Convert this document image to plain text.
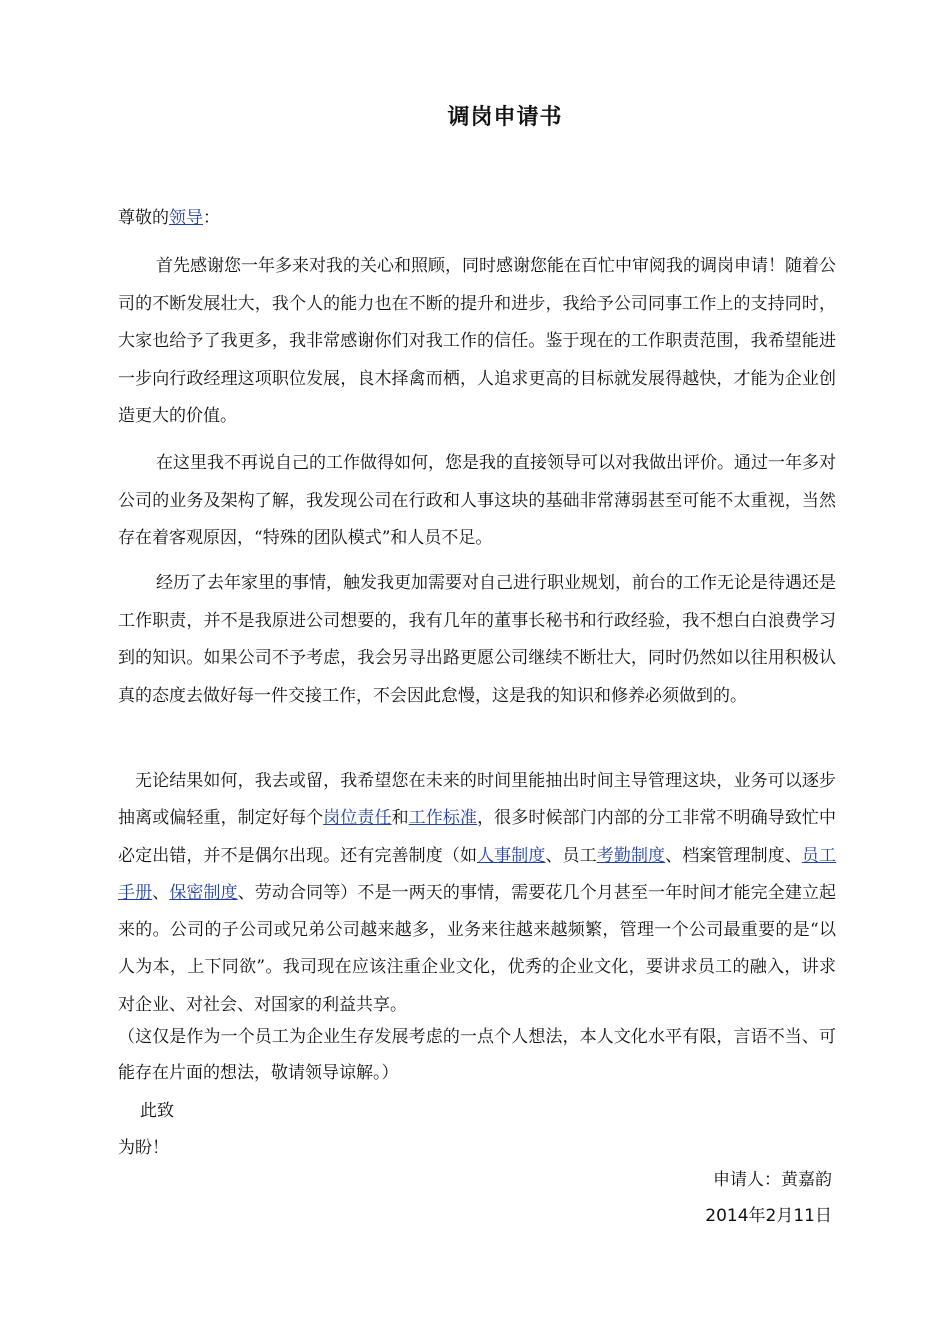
调岗申请书
尊敬的领导：
首先感谢您一年多来对我的关心和照顾，同时感谢您能在百忙中审阅我的调岗申请！随着公司的不断发展壮大，我个人的能力也在不断的提升和进步，我给予公司同事工作上的支持同时，大家也给予了我更多，我非常感谢你们对我工作的信任。鉴于现在的工作职责范围，我希望能进一步向行政经理这项职位发展，良木择禽而栖，人追求更高的目标就发展得越快，才能为企业创造更大的价值。
在这里我不再说自己的工作做得如何，您是我的直接领导可以对我做出评价。通过一年多对公司的业务及架构了解，我发现公司在行政和人事这块的基础非常薄弱甚至可能不太重视，当然存在着客观原因，“特殊的团队模式”和人员不足。
经历了去年家里的事情，触发我更加需要对自己进行职业规划，前台的工作无论是待遇还是工作职责，并不是我原进公司想要的，我有几年的董事长秘书和行政经验，我不想白白浪费学习到的知识。如果公司不予考虑，我会另寻出路更愿公司继续不断壮大，同时仍然如以往用积极认真的态度去做好每一件交接工作，不会因此怠慢，这是我的知识和修养必须做到的。
无论结果如何，我去或留，我希望您在未来的时间里能抽出时间主导管理这块，业务可以逐步抽离或偏轻重，制定好每个岗位责任和工作标准，很多时候部门内部的分工非常不明确导致忙中必定出错，并不是偶尔出现。还有完善制度（如人事制度、员工考勤制度、档案管理制度、员工手册、保密制度、劳动合同等）不是一两天的事情，需要花几个月甚至一年时间才能完全建立起来的。公司的子公司或兄弟公司越来越多，业务来往越来越频繁，管理一个公司最重要的是“以人为本，上下同欲”。我司现在应该注重企业文化，优秀的企业文化，要讲求员工的融入，讲求对企业、对社会、对国家的利益共享。
（这仅是作为一个员工为企业生存发展考虑的一点个人想法，本人文化水平有限，言语不当、可能存在片面的想法，敬请领导谅解。）
此致
为盼！
申请人：黄嘉韵
2014年2月11日
